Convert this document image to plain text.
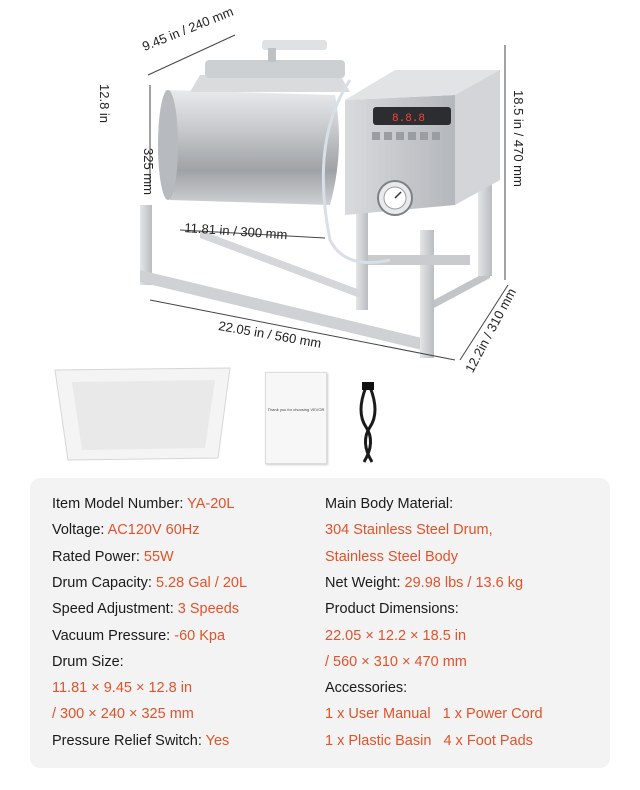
8.8.8
9.45 in / 240 mm
12.8 in
325 mm	18.5 in / 470 mm
11.81 in / 300 mm
22.05 in / 560 mm	12.2in / 310 mm
Thank you for choosing VEVOR
Item Model Number: YA-20L
Voltage: AC120V 60Hz
Rated Power: 55W
Drum Capacity: 5.28 Gal / 20L
Speed Adjustment: 3 Speeds
Vacuum Pressure: -60 Kpa
Drum Size:
11.81 × 9.45 × 12.8 in
/ 300 × 240 × 325 mm
Pressure Relief Switch: Yes
Main Body Material:
304 Stainless Steel Drum,
Stainless Steel Body
Net Weight: 29.98 lbs / 13.6 kg
Product Dimensions:
22.05 × 12.2 × 18.5 in
/ 560 × 310 × 470 mm
Accessories:
1 x User Manual   1 x Power Cord
1 x Plastic Basin   4 x Foot Pads
